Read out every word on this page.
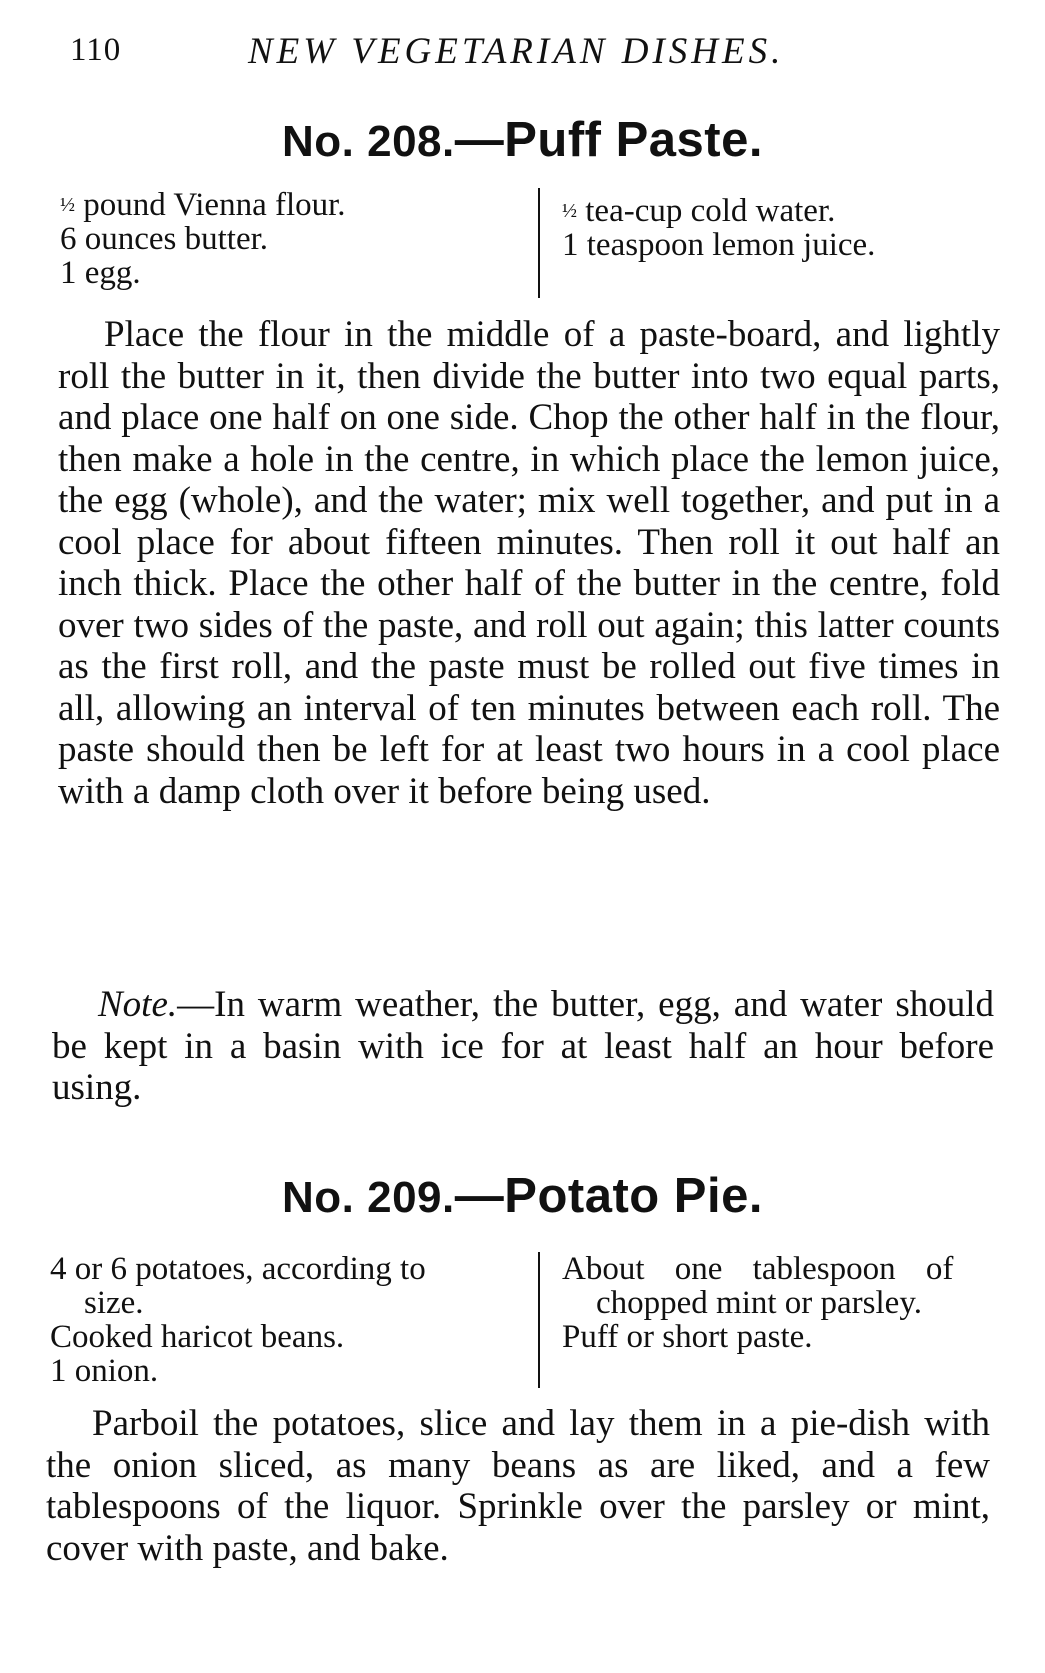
110	NEW VEGETARIAN DISHES.
No. 208.—Puff Paste.
½ pound Vienna flour.
6 ounces butter.
1 egg.
½ tea-cup cold water.
1 teaspoon lemon juice.

Place the flour in the middle of a paste-board, and lightly roll the butter in it, then divide the butter into two equal parts, and place one half on one side. Chop the other half in the flour, then make a hole in the centre, in which place the lemon juice, the egg (whole), and the water; mix well together, and put in a cool place for about fifteen minutes. Then roll it out half an inch thick. Place the other half of the butter in the centre, fold over two sides of the paste, and roll out again; this latter counts as the first roll, and the paste must be rolled out five times in all, allowing an interval of ten minutes between each roll. The paste should then be left for at least two hours in a cool place with a damp cloth over it before being used.

Note.—In warm weather, the butter, egg, and water should be kept in a basin with ice for at least half an hour before using.

No. 209.—Potato Pie.
4 or 6 potatoes, according to
size.
Cooked haricot beans.
1 onion.
About one tablespoon of
chopped mint or parsley.
Puff or short paste.

Parboil the potatoes, slice and lay them in a pie-dish with the onion sliced, as many beans as are liked, and a few tablespoons of the liquor. Sprinkle over the parsley or mint, cover with paste, and bake.
